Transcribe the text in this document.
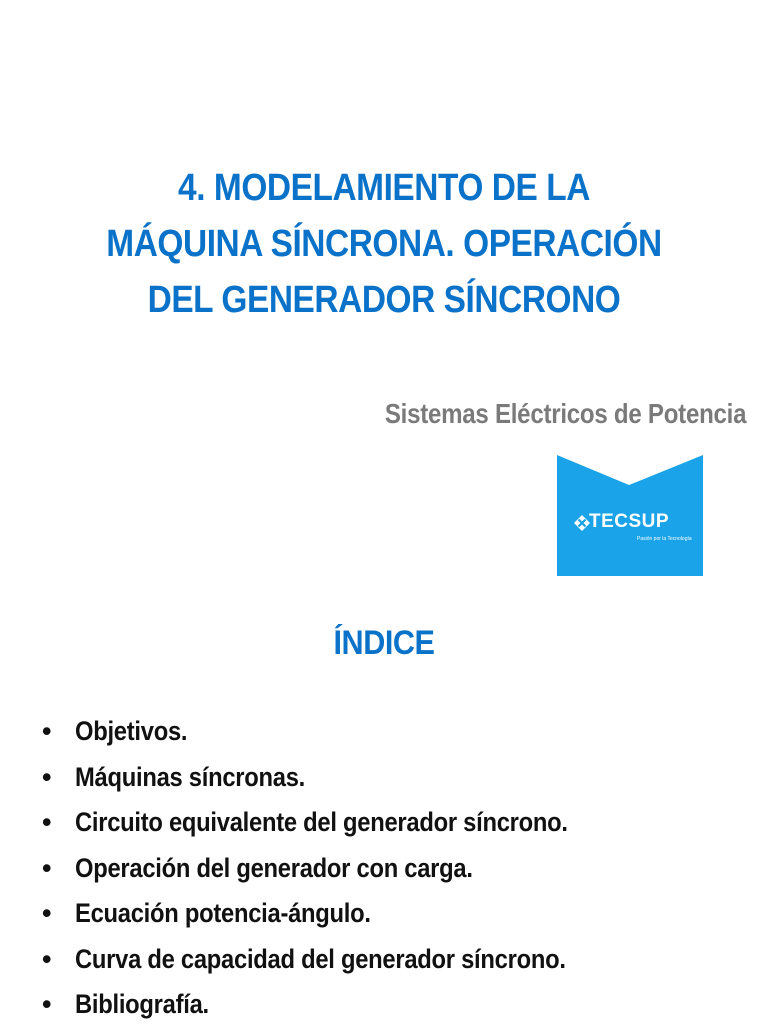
4. MODELAMIENTO DE LA
MÁQUINA SÍNCRONA. OPERACIÓN
DEL GENERADOR SÍNCRONO
Sistemas Eléctricos de Potencia
TECSUP
Pasión por la Tecnología
ÍNDICE
• Objetivos.
• Máquinas síncronas.
• Circuito equivalente del generador síncrono.
• Operación del generador con carga.
• Ecuación potencia-ángulo.
• Curva de capacidad del generador síncrono.
• Bibliografía.
